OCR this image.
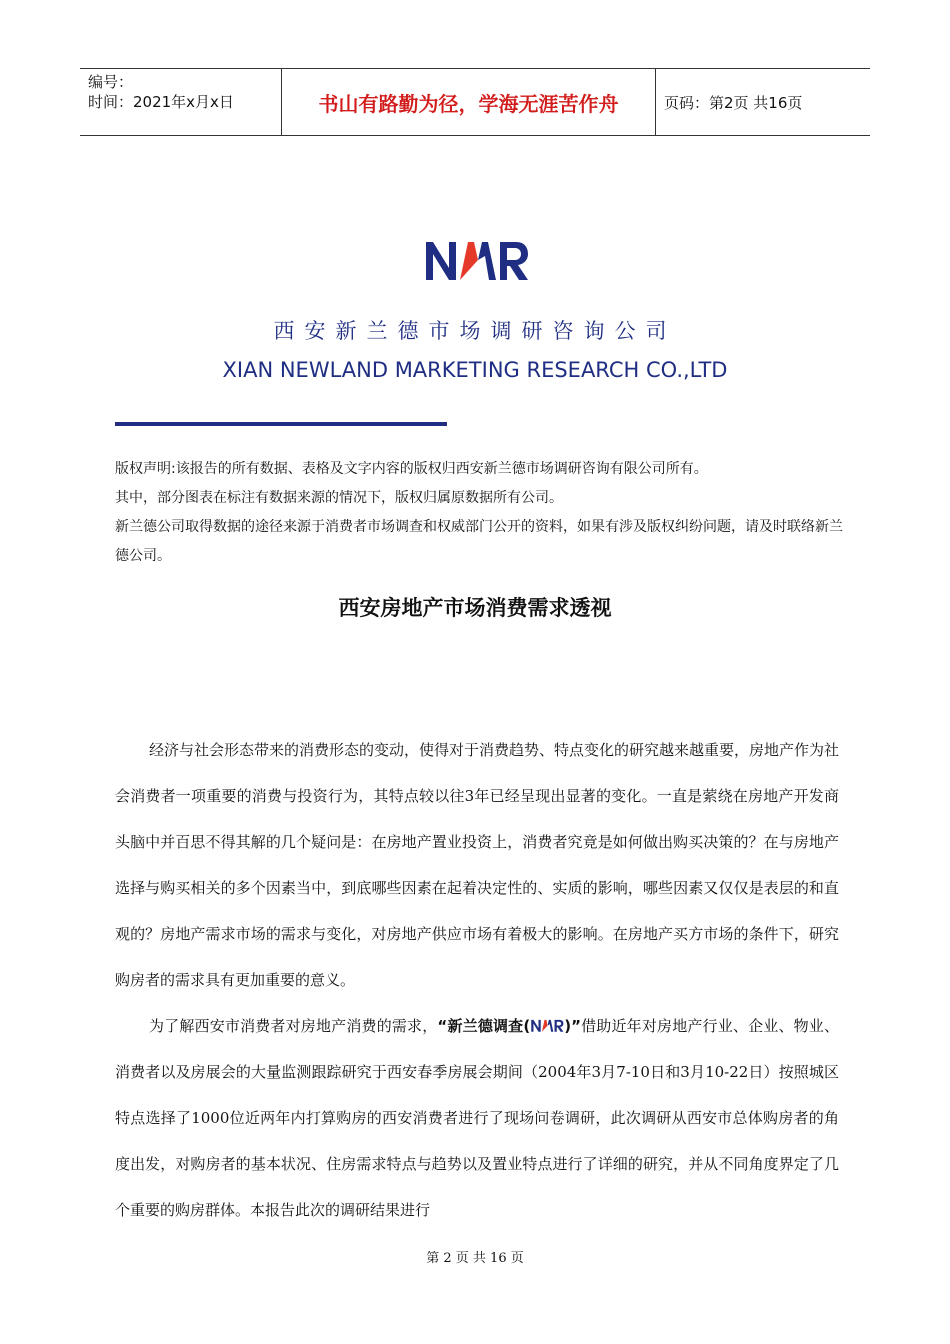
编号：
时间：2021年x月x日	书山有路勤为径，学海无涯苦作舟	页码：第2页 共16页
西安新兰德市场调研咨询公司
XIAN NEWLAND MARKETING RESEARCH CO.,LTD

版权声明:该报告的所有数据、表格及文字内容的版权归西安新兰德市场调研咨询有限公司所有。

其中，部分图表在标注有数据来源的情况下，版权归属原数据所有公司。

新兰德公司取得数据的途径来源于消费者市场调查和权威部门公开的资料，如果有涉及版权纠纷问题，请及时联络新兰德公司。

西安房地产市场消费需求透视

经济与社会形态带来的消费形态的变动，使得对于消费趋势、特点变化的研究越来越重要，房地产作为社会消费者一项重要的消费与投资行为，其特点较以往3年已经呈现出显著的变化。一直是萦绕在房地产开发商头脑中并百思不得其解的几个疑问是：在房地产置业投资上，消费者究竟是如何做出购买决策的？在与房地产选择与购买相关的多个因素当中，到底哪些因素在起着决定性的、实质的影响，哪些因素又仅仅是表层的和直观的？房地产需求市场的需求与变化，对房地产供应市场有着极大的影响。在房地产买方市场的条件下，研究购房者的需求具有更加重要的意义。

为了解西安市消费者对房地产消费的需求，“新兰德调查( )”借助近年对房地产行业、企业、物业、消费者以及房展会的大量监测跟踪研究于西安春季房展会期间（2004年3月7-10日和3月10-22日）按照城区特点选择了1000位近两年内打算购房的西安消费者进行了现场问卷调研，此次调研从西安市总体购房者的角度出发，对购房者的基本状况、住房需求特点与趋势以及置业特点进行了详细的研究，并从不同角度界定了几个重要的购房群体。本报告此次的调研结果进行

第 2 页 共 16 页
